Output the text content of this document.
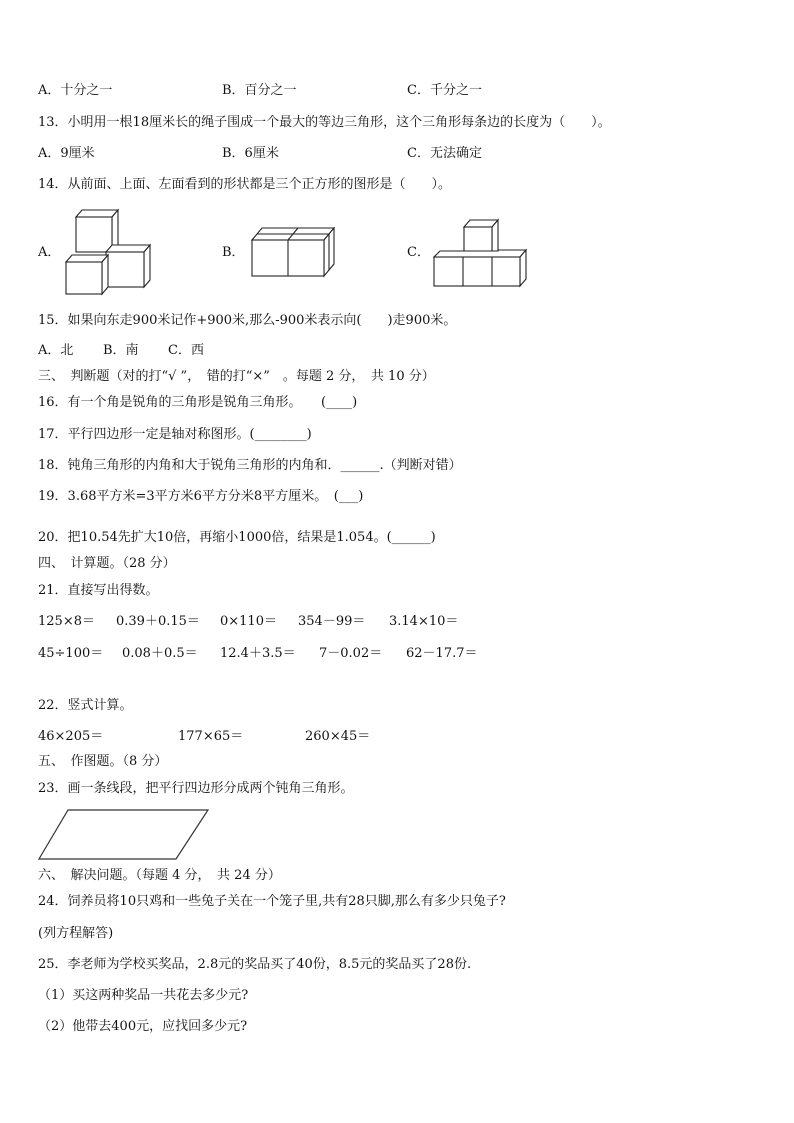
A．十分之一	B．百分之一	C．千分之一
13．小明用一根18厘米长的绳子围成一个最大的等边三角形，这个三角形每条边的长度为（　　）。
A．9厘米	B．6厘米	C．无法确定
14．从前面、上面、左面看到的形状都是三个正方形的图形是（　　）。
A．	B．	C．
15．如果向东走900米记作+900米,那么-900米表示向(　　)走900米。
A．北 B．南 C．西
三、　判断题（对的打“√ ”，　错的打“×”　。每题 2 分，　共 10 分）
16．有一个角是锐角的三角形是锐角三角形。　　(____)
17．平行四边形一定是轴对称图形。(________)
18．钝角三角形的内角和大于锐角三角形的内角和．______.（判断对错）
19．3.68平方米=3平方米6平方分米8平方厘米。　(___)
20．把10.54先扩大10倍，再缩小1000倍，结果是1.054。(______)
四、　计算题。（28 分）
21．直接写出得数。
125×8＝ 0.39＋0.15＝ 0×110＝ 354－99＝ 3.14×10＝
45÷100＝ 0.08＋0.5＝ 12.4＋3.5＝ 7－0.02＝ 62－17.7＝
22．竖式计算。
46×205＝	177×65＝	260×45＝
五、　作图题。（8 分）
23．画一条线段，把平行四边形分成两个钝角三角形。
六、　解决问题。（每题 4 分，　共 24 分）
24．饲养员将10只鸡和一些兔子关在一个笼子里,共有28只脚,那么有多少只兔子?
(列方程解答)
25．李老师为学校买奖品，2.8元的奖品买了40份，8.5元的奖品买了28份.
（1）买这两种奖品一共花去多少元?
（2）他带去400元，应找回多少元?
